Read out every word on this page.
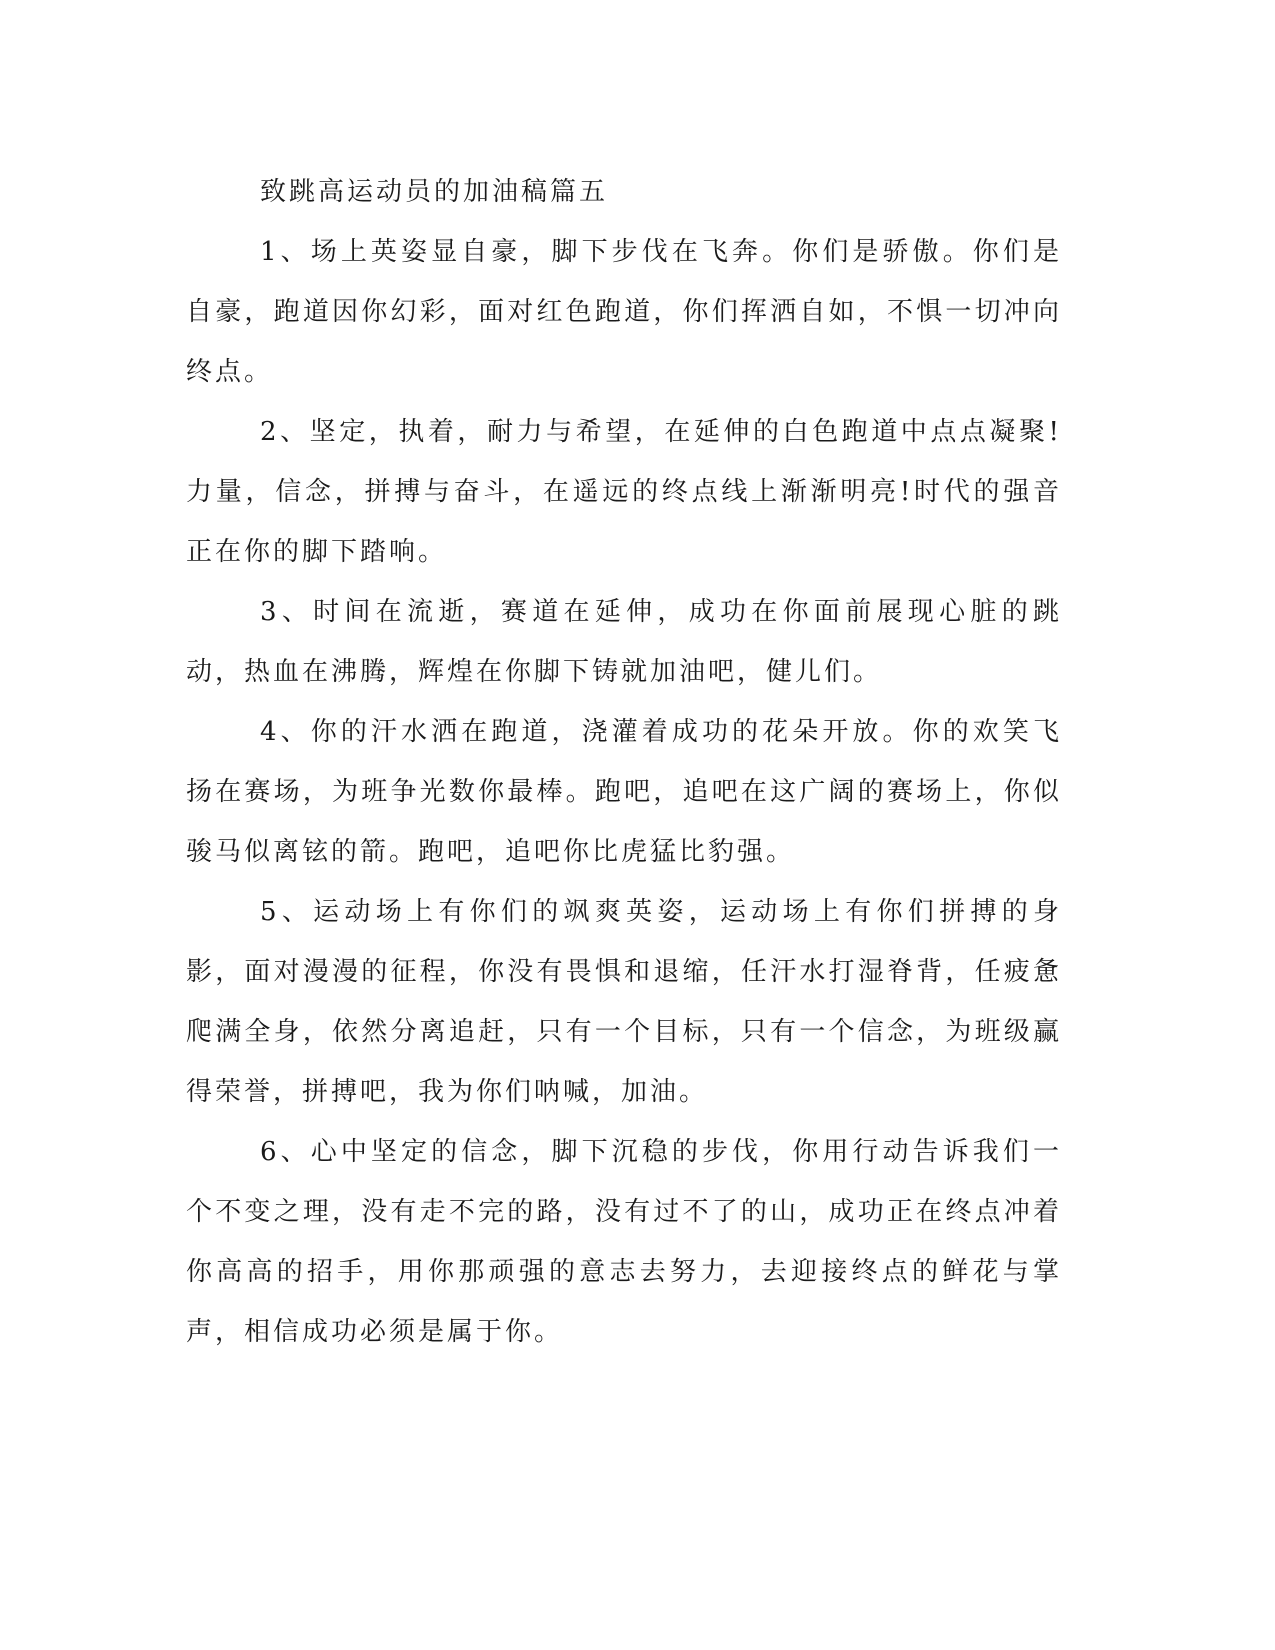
致跳高运动员的加油稿篇五

1、场上英姿显自豪，脚下步伐在飞奔。你们是骄傲。你们是自豪，跑道因你幻彩，面对红色跑道，你们挥洒自如，不惧一切冲向终点。

2、坚定，执着，耐力与希望，在延伸的白色跑道中点点凝聚!力量，信念，拼搏与奋斗，在遥远的终点线上渐渐明亮!时代的强音正在你的脚下踏响。

3、时间在流逝，赛道在延伸，成功在你面前展现心脏的跳动，热血在沸腾，辉煌在你脚下铸就加油吧，健儿们。

4、你的汗水洒在跑道，浇灌着成功的花朵开放。你的欢笑飞扬在赛场，为班争光数你最棒。跑吧，追吧在这广阔的赛场上，你似骏马似离铉的箭。跑吧，追吧你比虎猛比豹强。

5、运动场上有你们的飒爽英姿，运动场上有你们拼搏的身影，面对漫漫的征程，你没有畏惧和退缩，任汗水打湿脊背，任疲惫爬满全身，依然分离追赶，只有一个目标，只有一个信念，为班级赢得荣誉，拼搏吧，我为你们呐喊，加油。

6、心中坚定的信念，脚下沉稳的步伐，你用行动告诉我们一个不变之理，没有走不完的路，没有过不了的山，成功正在终点冲着你高高的招手，用你那顽强的意志去努力，去迎接终点的鲜花与掌声，相信成功必须是属于你。
